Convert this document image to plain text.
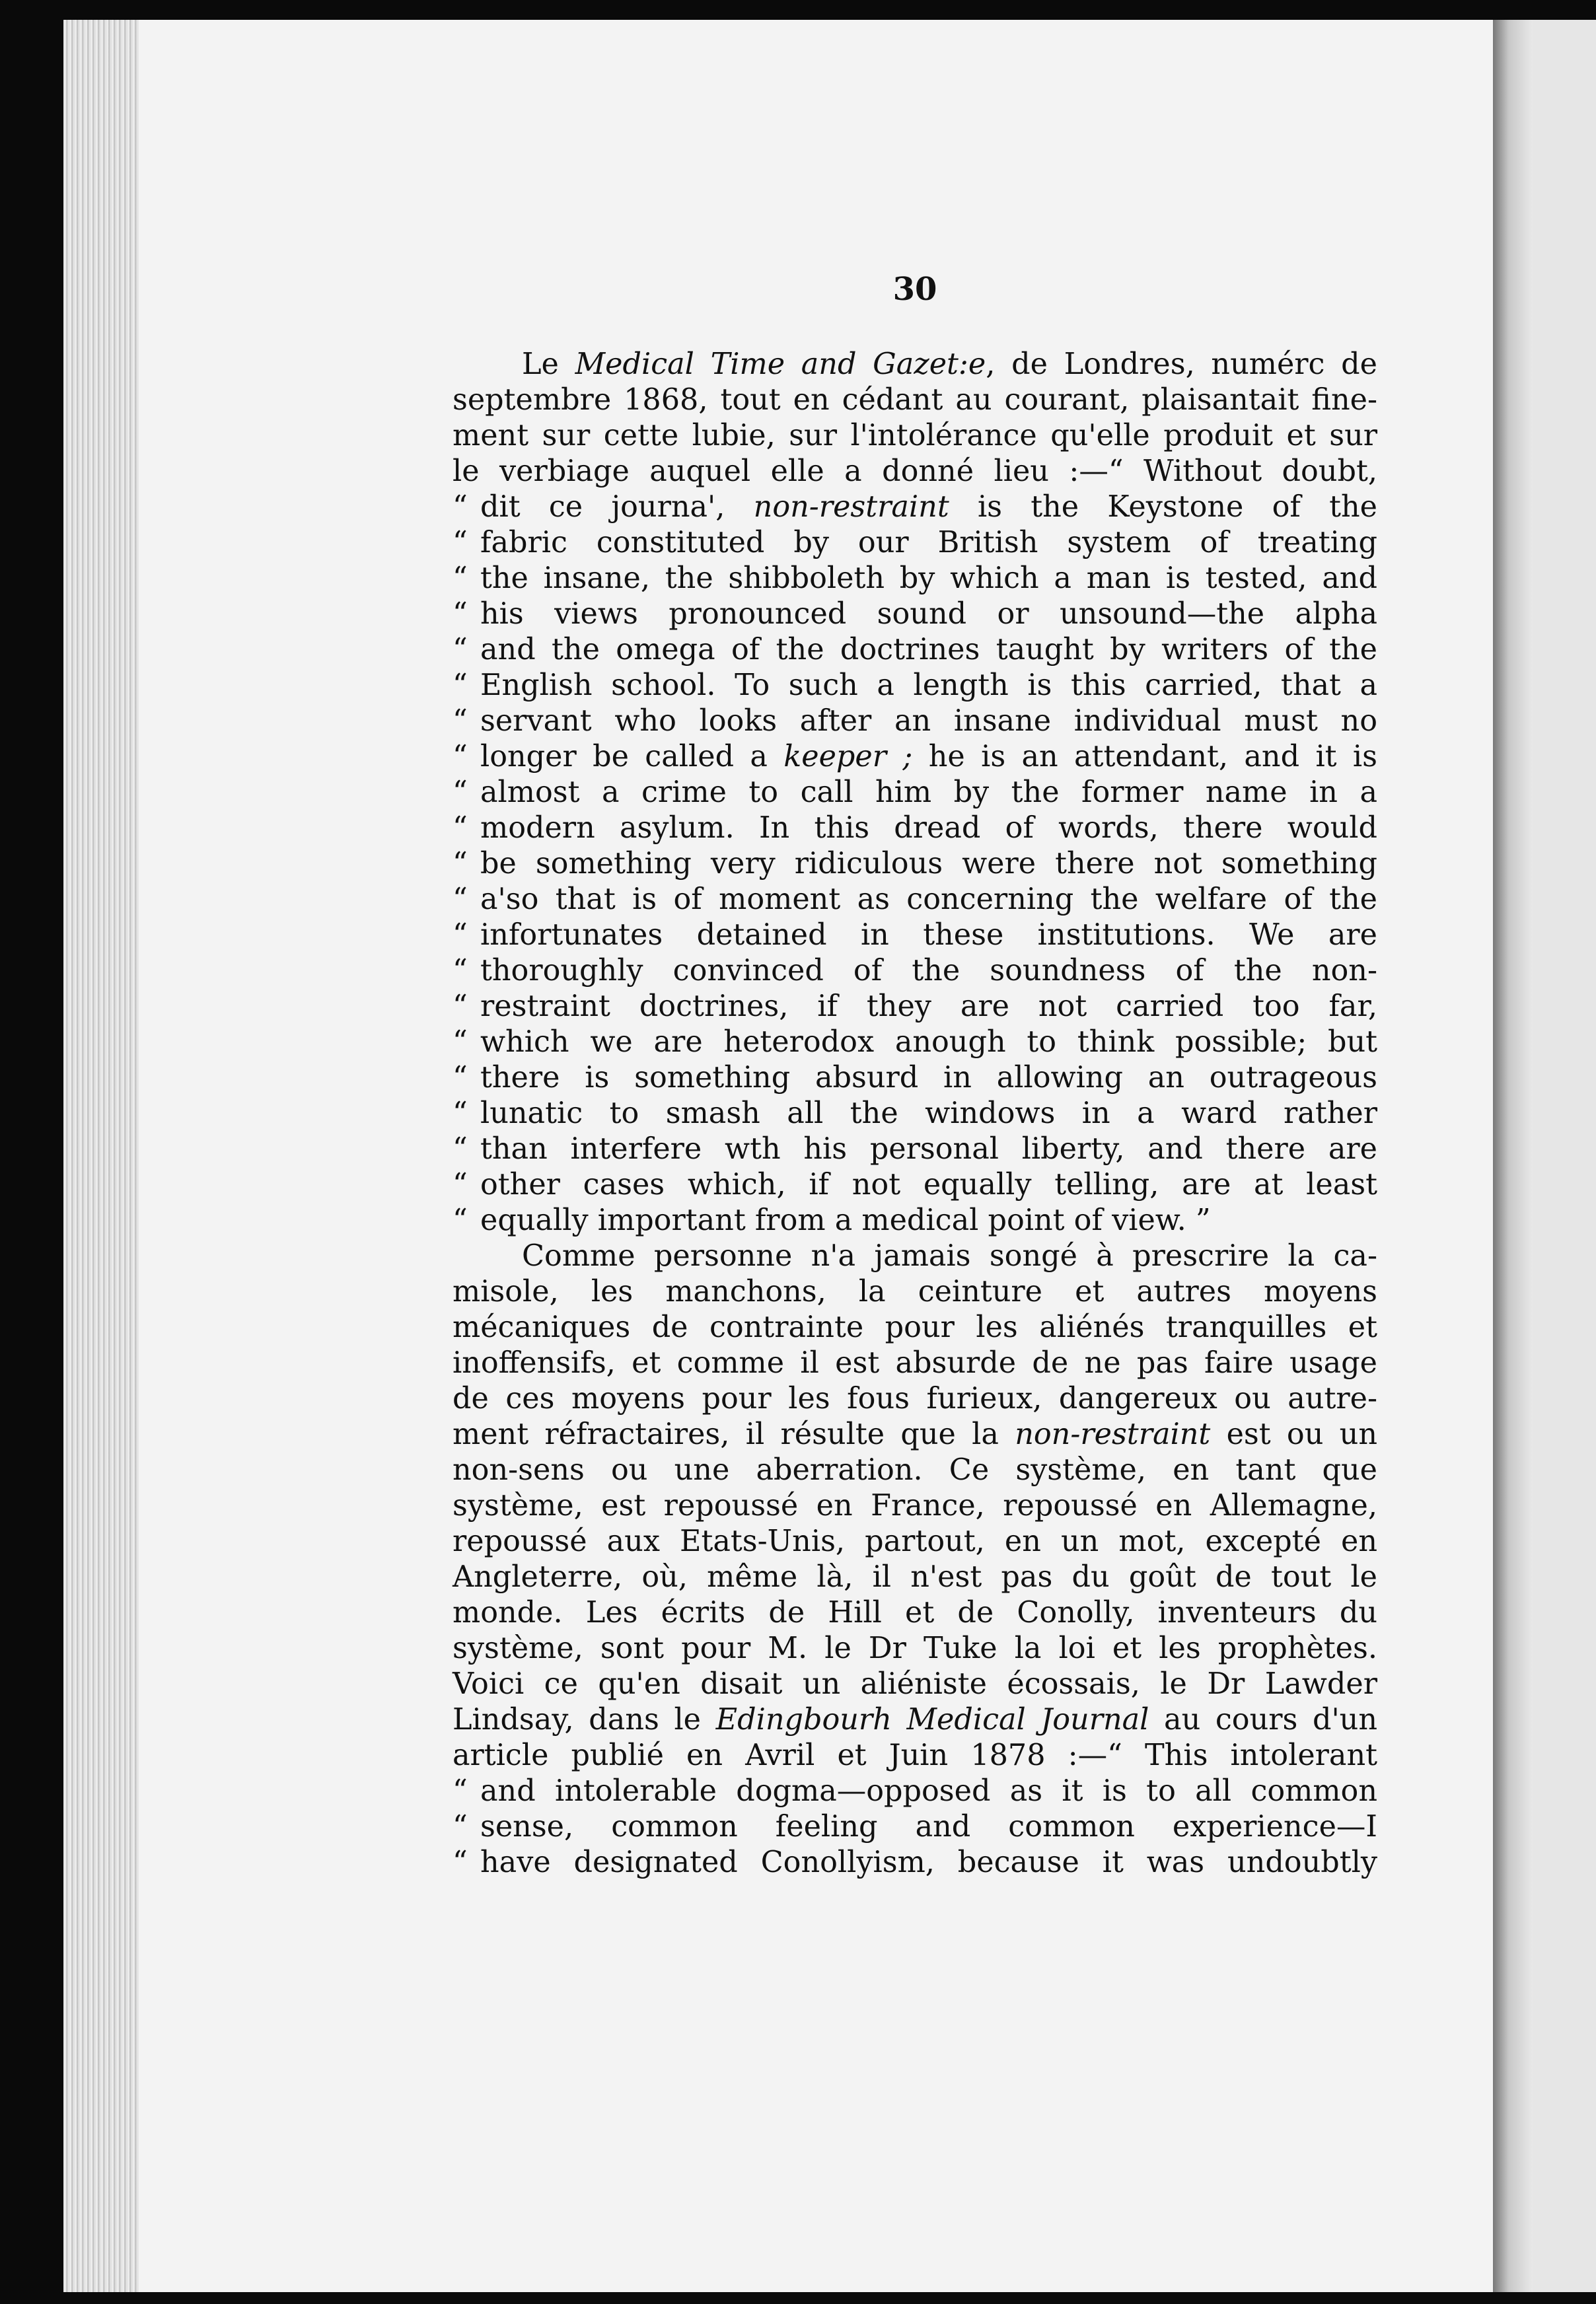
30
Le Medical Time and Gazet:e, de Londres, numérc de
septembre 1868, tout en cédant au courant, plaisantait fine-
ment sur cette lubie, sur l'intolérance qu'elle produit et sur
le verbiage auquel elle a donné lieu :—“ Without doubt,
“ dit ce journa', non-restraint is the Keystone of the
“ fabric constituted by our British system of treating
“ the insane, the shibboleth by which a man is tested, and
“ his views pronounced sound or unsound—the alpha
“ and the omega of the doctrines taught by writers of the
“ English school. To such a length is this carried, that a
“ servant who looks after an insane individual must no
“ longer be called a keeper ; he is an attendant, and it is
“ almost a crime to call him by the former name in a
“ modern asylum. In this dread of words, there would
“ be something very ridiculous were there not something
“ a'so that is of moment as concerning the welfare of the
“ infortunates detained in these institutions. We are
“ thoroughly convinced of the soundness of the non-
“ restraint doctrines, if they are not carried too far,
“ which we are heterodox anough to think possible; but
“ there is something absurd in allowing an outrageous
“ lunatic to smash all the windows in a ward rather
“ than interfere wth his personal liberty, and there are
“ other cases which, if not equally telling, are at least
“ equally important from a medical point of view. ”
Comme personne n'a jamais songé à prescrire la ca-
misole, les manchons, la ceinture et autres moyens
mécaniques de contrainte pour les aliénés tranquilles et
inoffensifs, et comme il est absurde de ne pas faire usage
de ces moyens pour les fous furieux, dangereux ou autre-
ment réfractaires, il résulte que la non-restraint est ou un
non-sens ou une aberration. Ce système, en tant que
système, est repoussé en France, repoussé en Allemagne,
repoussé aux Etats-Unis, partout, en un mot, excepté en
Angleterre, où, même là, il n'est pas du goût de tout le
monde. Les écrits de Hill et de Conolly, inventeurs du
système, sont pour M. le Dr Tuke la loi et les prophètes.
Voici ce qu'en disait un aliéniste écossais, le Dr Lawder
Lindsay, dans le Edingbourh Medical Journal au cours d'un
article publié en Avril et Juin 1878 :—“ This intolerant
“ and intolerable dogma—opposed as it is to all common
“ sense, common feeling and common experience—I
“ have designated Conollyism, because it was undoubtly
